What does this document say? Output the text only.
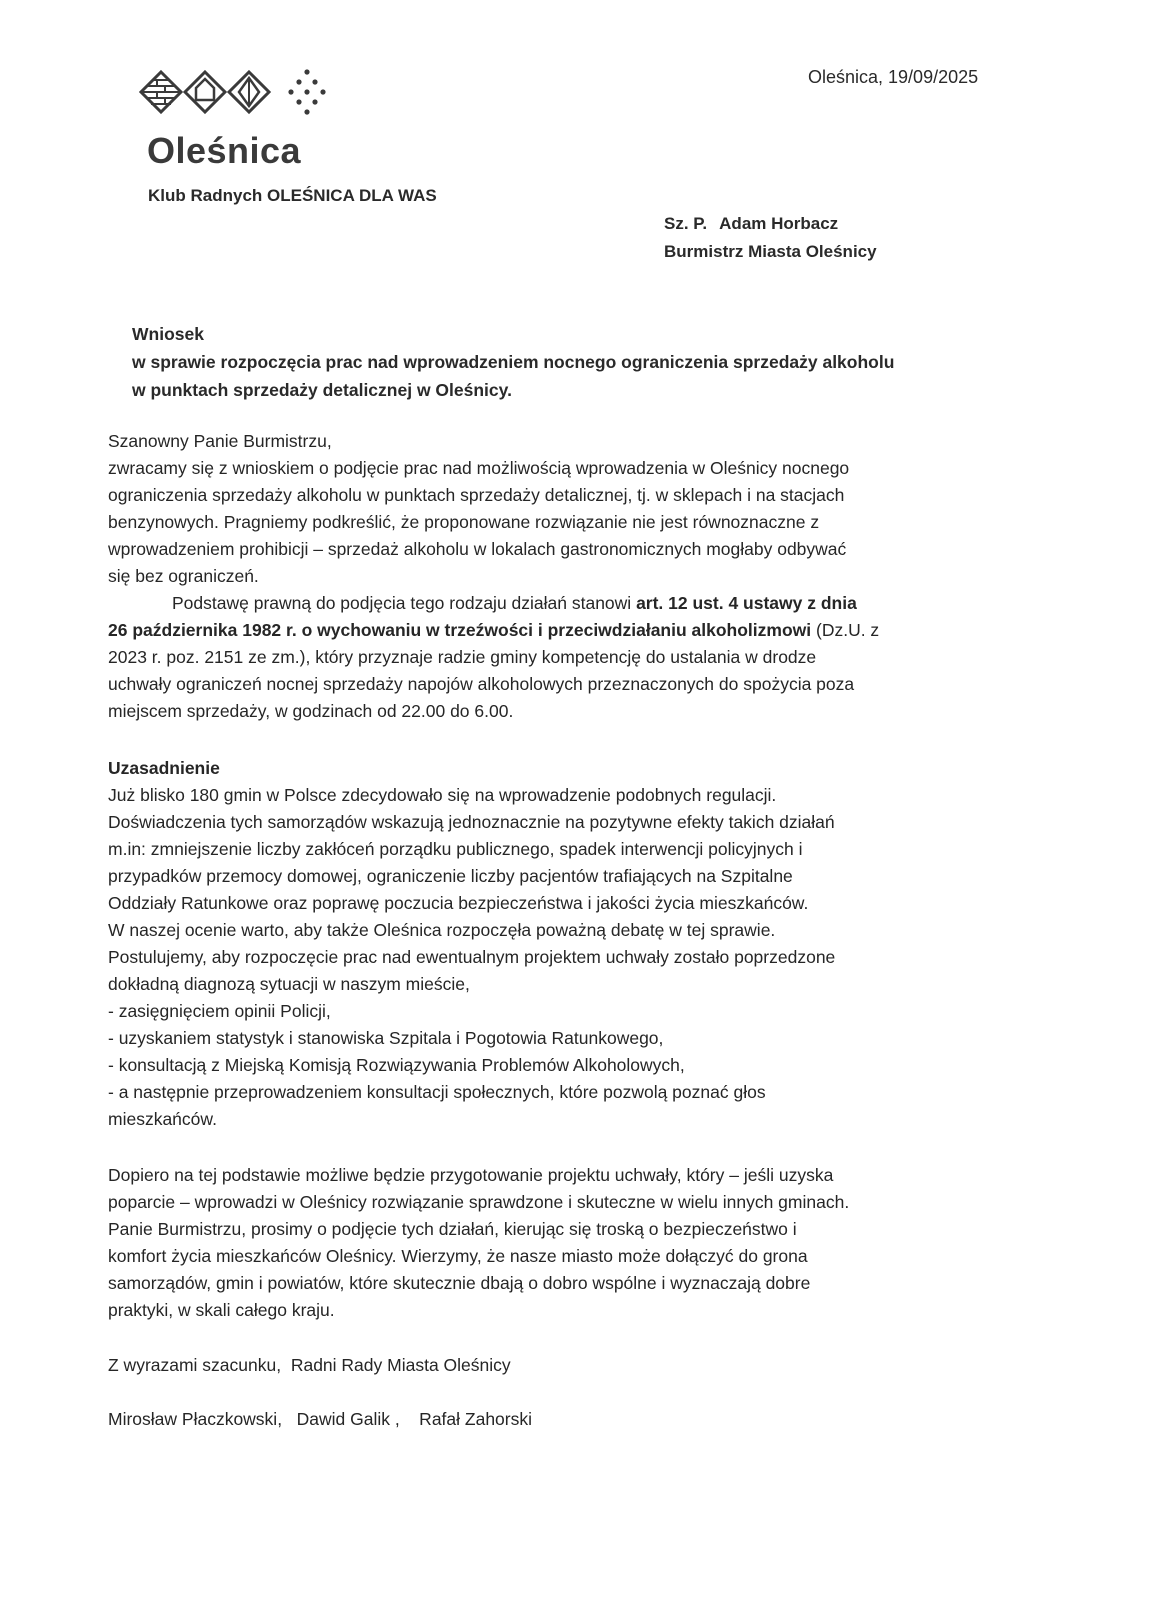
Oleśnica
Klub Radnych OLEŚNICA DLA WAS
Oleśnica, 19/09/2025
Sz. P. Adam Horbacz
Burmistrz Miasta Oleśnicy
Wniosek
w sprawie rozpoczęcia prac nad wprowadzeniem nocnego ograniczenia sprzedaży alkoholu
w punktach sprzedaży detalicznej w Oleśnicy.
Szanowny Panie Burmistrzu,
zwracamy się z wnioskiem o podjęcie prac nad możliwością wprowadzenia w Oleśnicy nocnego
ograniczenia sprzedaży alkoholu w punktach sprzedaży detalicznej, tj. w sklepach i na stacjach
benzynowych. Pragniemy podkreślić, że proponowane rozwiązanie nie jest równoznaczne z
wprowadzeniem prohibicji – sprzedaż alkoholu w lokalach gastronomicznych mogłaby odbywać
się bez ograniczeń.
Podstawę prawną do podjęcia tego rodzaju działań stanowi art. 12 ust. 4 ustawy z dnia
26 października 1982 r. o wychowaniu w trzeźwości i przeciwdziałaniu alkoholizmowi (Dz.U. z
2023 r. poz. 2151 ze zm.), który przyznaje radzie gminy kompetencję do ustalania w drodze
uchwały ograniczeń nocnej sprzedaży napojów alkoholowych przeznaczonych do spożycia poza
miejscem sprzedaży, w godzinach od 22.00 do 6.00.
Uzasadnienie
Już blisko 180 gmin w Polsce zdecydowało się na wprowadzenie podobnych regulacji.
Doświadczenia tych samorządów wskazują jednoznacznie na pozytywne efekty takich działań
m.in: zmniejszenie liczby zakłóceń porządku publicznego, spadek interwencji policyjnych i
przypadków przemocy domowej, ograniczenie liczby pacjentów trafiających na Szpitalne
Oddziały Ratunkowe oraz poprawę poczucia bezpieczeństwa i jakości życia mieszkańców.
W naszej ocenie warto, aby także Oleśnica rozpoczęła poważną debatę w tej sprawie.
Postulujemy, aby rozpoczęcie prac nad ewentualnym projektem uchwały zostało poprzedzone
dokładną diagnozą sytuacji w naszym mieście,
- zasięgnięciem opinii Policji,
- uzyskaniem statystyk i stanowiska Szpitala i Pogotowia Ratunkowego,
- konsultacją z Miejską Komisją Rozwiązywania Problemów Alkoholowych,
- a następnie przeprowadzeniem konsultacji społecznych, które pozwolą poznać głos
mieszkańców.
Dopiero na tej podstawie możliwe będzie przygotowanie projektu uchwały, który – jeśli uzyska
poparcie – wprowadzi w Oleśnicy rozwiązanie sprawdzone i skuteczne w wielu innych gminach.
Panie Burmistrzu, prosimy o podjęcie tych działań, kierując się troską o bezpieczeństwo i
komfort życia mieszkańców Oleśnicy. Wierzymy, że nasze miasto może dołączyć do grona
samorządów, gmin i powiatów, które skutecznie dbają o dobro wspólne i wyznaczają dobre
praktyki, w skali całego kraju.
Z wyrazami szacunku,  Radni Rady Miasta Oleśnicy
Mirosław Płaczkowski,   Dawid Galik ,    Rafał Zahorski
